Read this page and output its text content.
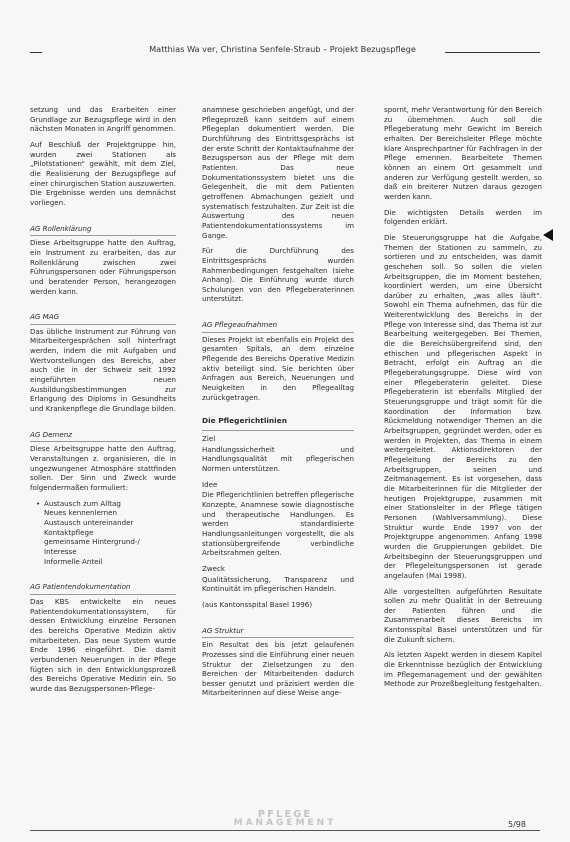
Matthias Wa ver, Christina Senfele-Straub – Projekt Bezugspflege

setzung und das Erarbeiten einer Grundlage zur Bezugspflege wird in den nächsten Monaten in Angriff genommen.

Auf Beschluß der Projektgruppe hin, wurden zwei Stationen als „Pilotstationen“ gewählt, mit dem Ziel, die Realisierung der Bezugspflege auf einer chirurgischen Station auszuwerten. Die Ergebnisse werden uns demnächst vorliegen.

AG Rollenklärung

Diese Arbeitsgruppe hatte den Auftrag, ein Instrument zu erarbeiten, das zur Rollenklärung zwischen zwei Führungspersonen oder Führungsperson und beratender Person, herangezogen werden kann.

AG MAG

Das übliche Instrument zur Führung von Mitarbeitergesprächen soll hinterfragt werden, indem die mit Aufgaben und Wertvorstellungen des Bereichs, aber auch die in der Schweiz seit 1992 eingeführten neuen Ausbildungsbestimmungen zur Erlangung des Diploms in Gesundheits und Krankenpflege die Grundlage bilden.

AG Demenz

Diese Arbeitsgruppe hatte den Auftrag, Veranstaltungen z. organisieren, die in ungezwungener Atmosphäre stattfinden sollen. Der Sinn und Zweck wurde folgendermaßen formuliert:

• Austausch zum Alltag
Neues kennenlernen
Austausch untereinander
Kontaktpflege
gemeinsame Hintergrund-/
Interesse
Informelle Anteil
AG Patientendokumentation

Das KBS entwickelte ein neues Patientendokumentationssystem, für dessen Entwicklung einzelne Personen des bereichs Operative Medizin aktiv mitarbeiteten. Das neue System wurde Ende 1996 eingeführt. Die damit verbundenen Neuerungen in der Pflege fügten sich in den Entwicklungsprozeß des Bereichs Operative Medizin ein. So wurde das Bezugspersonen-Pflege-

anamnese geschrieben angefügt, und der Pflegeprozeß kann seitdem auf einem Pflegeplan dokumentiert werden. Die Durchführung des Eintrittsgesprächs ist der erste Schritt der Kontaktaufnahme der Bezugsperson aus der Pflege mit dem Patienten. Das neue Dokumentationssystem bietet uns die Gelegenheit, die mit dem Patienten getroffenen Abmachungen gezielt und systematisch festzuhalten. Zur Zeit ist die Auswertung des neuen Patientendokumentationssystems im Gange.

Für die Durchführung des Eintrittsgesprächs wurden Rahmenbedingungen festgehalten (siehe Anhang). Die Einführung wurde durch Schulungen von den Pflegeberaterinnen unterstützt.

AG Pflegeaufnahmen

Dieses Projekt ist ebenfalls ein Projekt des gesamten Spitals, an dem einzelne Pflegende des Bereichs Operative Medizin aktiv beteiligt sind. Sie berichten über Anfragen aus Bereich, Neuerungen und Neuigkeiten in den Pflegealltag zurückgetragen.

Die Pflegerichtlinien
Ziel

Handlungssicherheit und Handlungsqualität mit pflegerischen Normen unterstützen.

Idee

Die Pflegerichtlinien betreffen pflegerische Konzepte, Anamnese sowie diagnostische und therapeutische Handlungen. Es werden standardisierte Handlungsanleitungen vorgestellt, die als stationsübergreifende verbindliche Arbeitsrahmen gelten.

Zweck

Qualitätssicherung, Transparenz und Kontinuität im pflegerischen Handeln.

(aus Kantonsspital Basel 1996)

AG Struktur

Ein Resultat des bis jetzt gelaufenen Prozesses sind die Einführung einer neuen Struktur der Zielsetzungen zu den Bereichen der Mitarbeitenden dadurch besser genutzt und präzisiert werden die Mitarbeiterinnen auf diese Weise ange-

spornt, mehr Verantwortung für den Bereich zu übernehmen. Auch soll die Pflegeberatung mehr Gewicht im Bereich erhalten. Der Bereichsleiter Pflege möchte klare Ansprechpartner für Fachfragen in der Pflege ernennen. Bearbeitete Themen können an einem Ort gesammelt und anderen zur Verfügung gestellt werden, so daß ein breiterer Nutzen daraus gezogen werden kann.

Die wichtigsten Details werden im folgenden erklärt.

Die Steuerungsgruppe hat die Aufgabe, Themen der Stationen zu sammeln, zu sortieren und zu entscheiden, was damit geschehen soll. So sollen die vielen Arbeitsgruppen, die im Moment bestehen, koordiniert werden, um eine Übersicht darüber zu erhalten, „was alles läuft“. Sowohl ein Thema aufnehmen, das für die Weiterentwicklung des Bereichs in der Pflege von Interesse sind, das Thema ist zur Bearbeitung weitergegeben. Bei Themen, die die Bereichsübergreifend sind, den ethischen und pflegerischen Aspekt in Betracht, erfolgt ein Auftrag an die Pflegeberatungsgruppe. Diese wird von einer Pflegeberaterin geleitet. Diese Pflegeberaterin ist ebenfalls Mitglied der Steuerungsgruppe und trägt somit für die Koordination der Information bzw. Rückmeldung notwendiger Themen an die Arbeitsgruppen, gegründet werden, oder es werden in Projekten, das Thema in einem weitergeleitet. Aktionsdirektoren der Pflegeleitung der Bereichs zu den Arbeitsgruppen, seinen und Zeitmanagement. Es ist vorgesehen, dass die Mitarbeiterinnen für die Mitglieder der heutigen Projektgruppe, zusammen mit einer Stationsleiter in der Pflege tätigen Personen (Wahlversammlung). Diese Struktur wurde Ende 1997 von der Projektgruppe angenommen. Anfang 1998 wurden die Gruppierungen gebildet. Die Arbeitsbeginn der Steuerungsgruppen und der Pflegeleitungspersonen ist gerade angelaufen (Mai 1998).

Alle vorgestellten aufgeführten Resultate sollen zu mehr Qualität in der Betreuung der Patienten führen und die Zusammenarbeit dieses Bereichs im Kantonsspital Basel unterstützen und für die Zukunft sichern.

Als letzten Aspekt werden in diesem Kapitel die Erkenntnisse bezüglich der Entwicklung im Pflegemanagement und der gewählten Methode zur Prozeßbegleitung festgehalten.

PFLEGE
MANAGEMENT	5/98
